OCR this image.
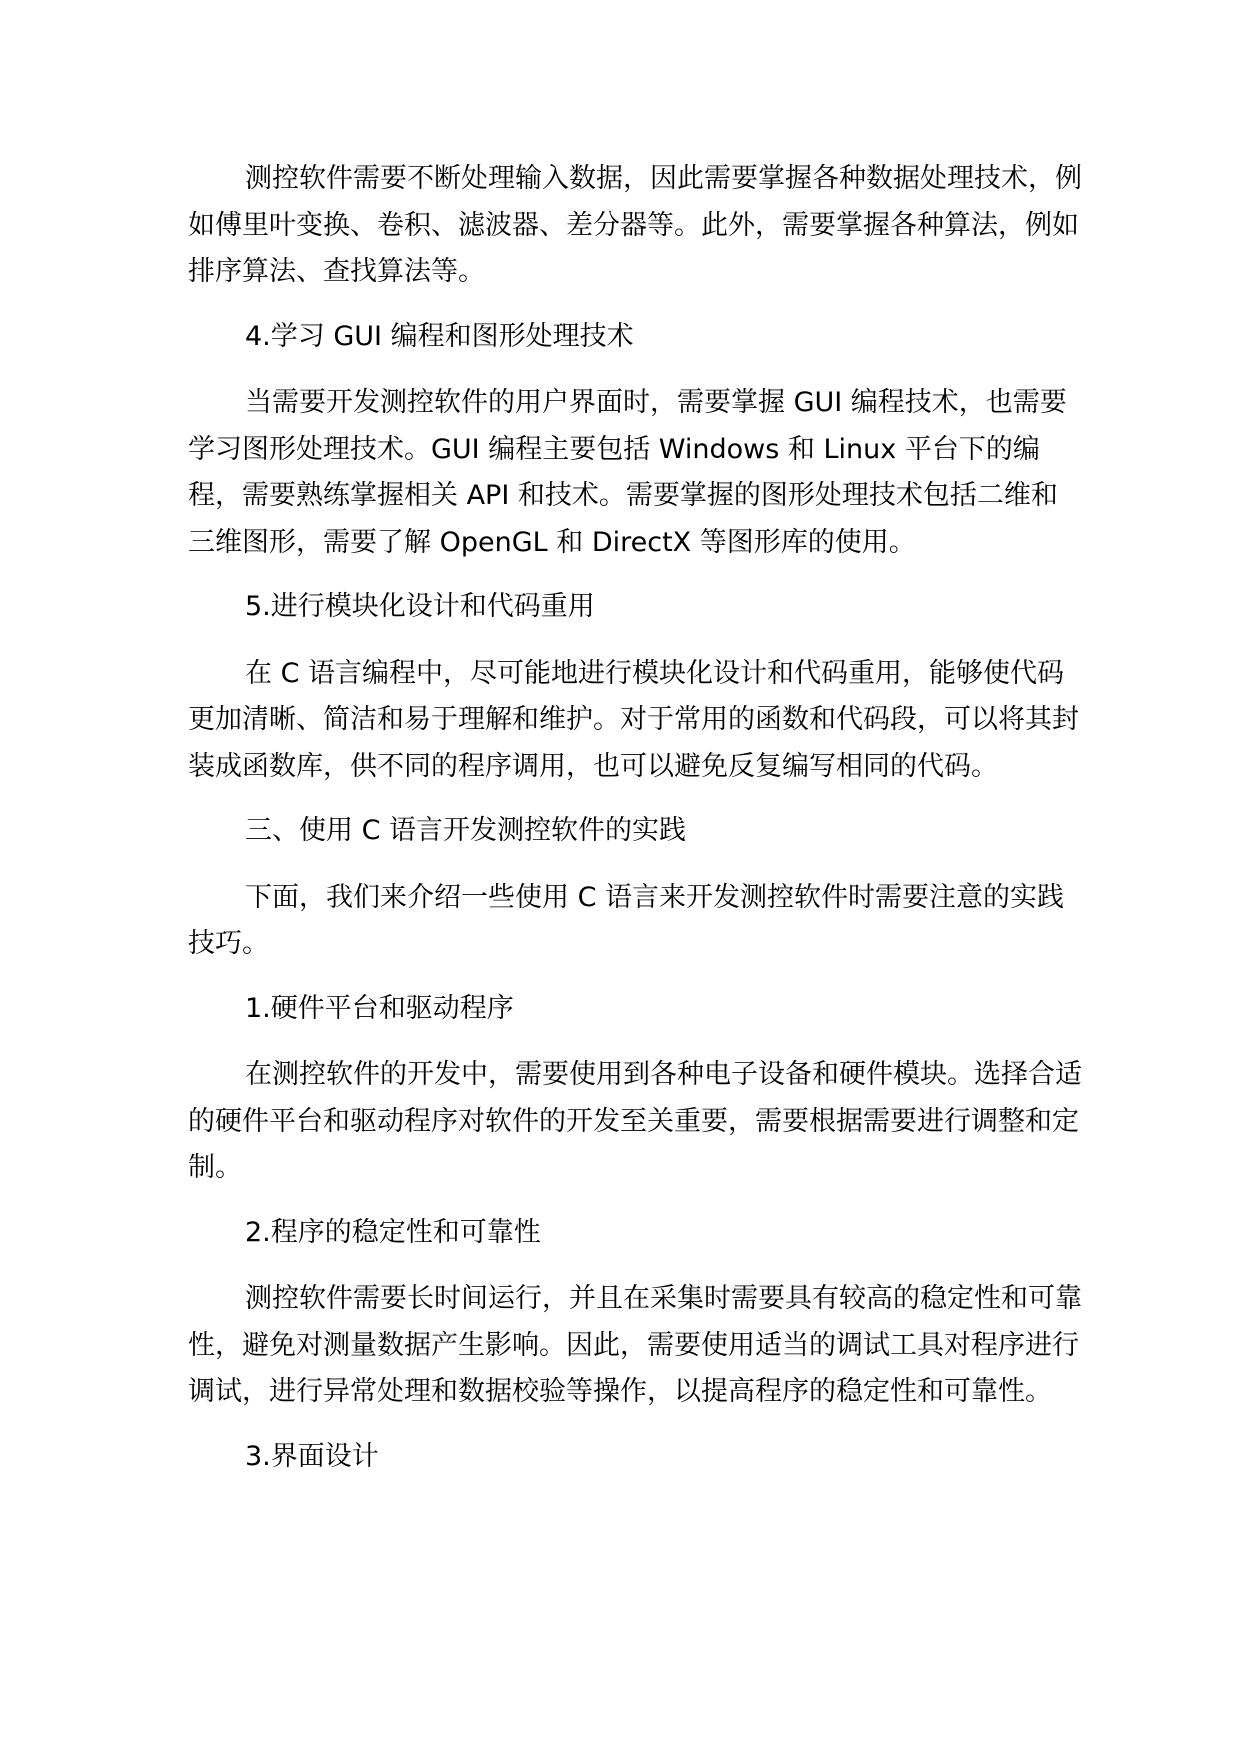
测控软件需要不断处理输入数据，因此需要掌握各种数据处理技术，例如傅里叶变换、卷积、滤波器、差分器等。此外，需要掌握各种算法，例如排序算法、查找算法等。

4.学习 GUI 编程和图形处理技术

当需要开发测控软件的用户界面时，需要掌握 GUI 编程技术，也需要学习图形处理技术。GUI 编程主要包括 Windows 和 Linux 平台下的编程，需要熟练掌握相关 API 和技术。需要掌握的图形处理技术包括二维和三维图形，需要了解 OpenGL 和 DirectX 等图形库的使用。

5.进行模块化设计和代码重用

在 C 语言编程中，尽可能地进行模块化设计和代码重用，能够使代码更加清晰、简洁和易于理解和维护。对于常用的函数和代码段，可以将其封装成函数库，供不同的程序调用，也可以避免反复编写相同的代码。

三、使用 C 语言开发测控软件的实践

下面，我们来介绍一些使用 C 语言来开发测控软件时需要注意的实践技巧。

1.硬件平台和驱动程序

在测控软件的开发中，需要使用到各种电子设备和硬件模块。选择合适的硬件平台和驱动程序对软件的开发至关重要，需要根据需要进行调整和定制。

2.程序的稳定性和可靠性

测控软件需要长时间运行，并且在采集时需要具有较高的稳定性和可靠性，避免对测量数据产生影响。因此，需要使用适当的调试工具对程序进行调试，进行异常处理和数据校验等操作，以提高程序的稳定性和可靠性。

3.界面设计
